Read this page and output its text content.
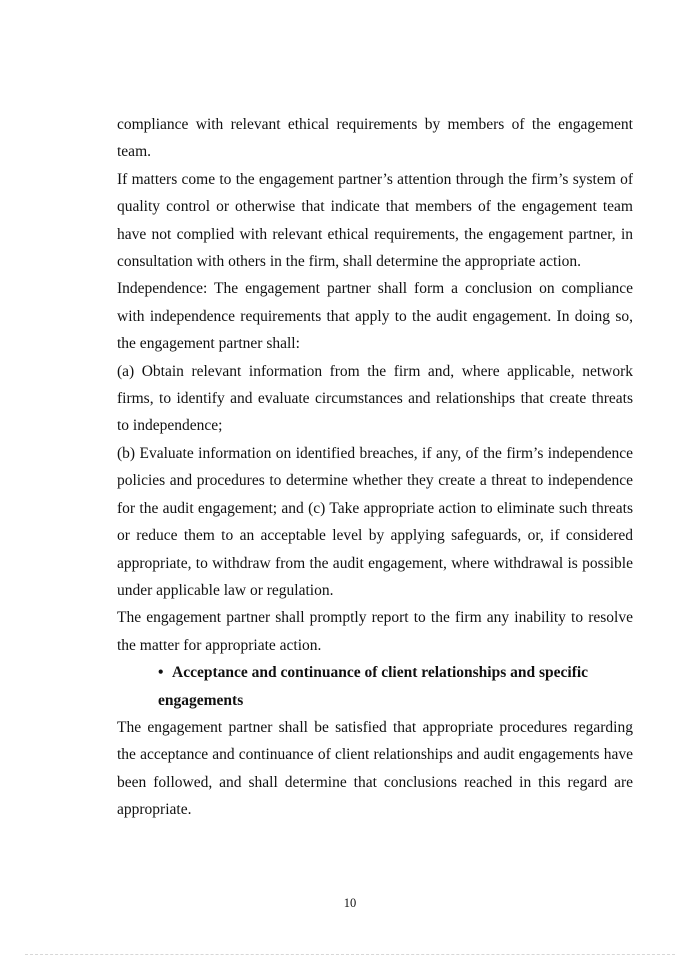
compliance with relevant ethical requirements by members of the engagement team.

If matters come to the engagement partner’s attention through the firm’s system of quality control or otherwise that indicate that members of the engagement team have not complied with relevant ethical requirements, the engagement partner, in consultation with others in the firm, shall determine the appropriate action.

Independence: The engagement partner shall form a conclusion on compliance with independence requirements that apply to the audit engagement. In doing so, the engagement partner shall:

(a) Obtain relevant information from the firm and, where applicable, network firms, to identify and evaluate circumstances and relationships that create threats to independence;

(b) Evaluate information on identified breaches, if any, of the firm’s independence policies and procedures to determine whether they create a threat to independence for the audit engagement; and (c) Take appropriate action to eliminate such threats or reduce them to an acceptable level by applying safeguards, or, if considered appropriate, to withdraw from the audit engagement, where withdrawal is possible under applicable law or regulation.

The engagement partner shall promptly report to the firm any inability to resolve the matter for appropriate action.

• Acceptance and continuance of client relationships and specific engagements

The engagement partner shall be satisfied that appropriate procedures regarding the acceptance and continuance of client relationships and audit engagements have been followed, and shall determine that conclusions reached in this regard are appropriate.

10
